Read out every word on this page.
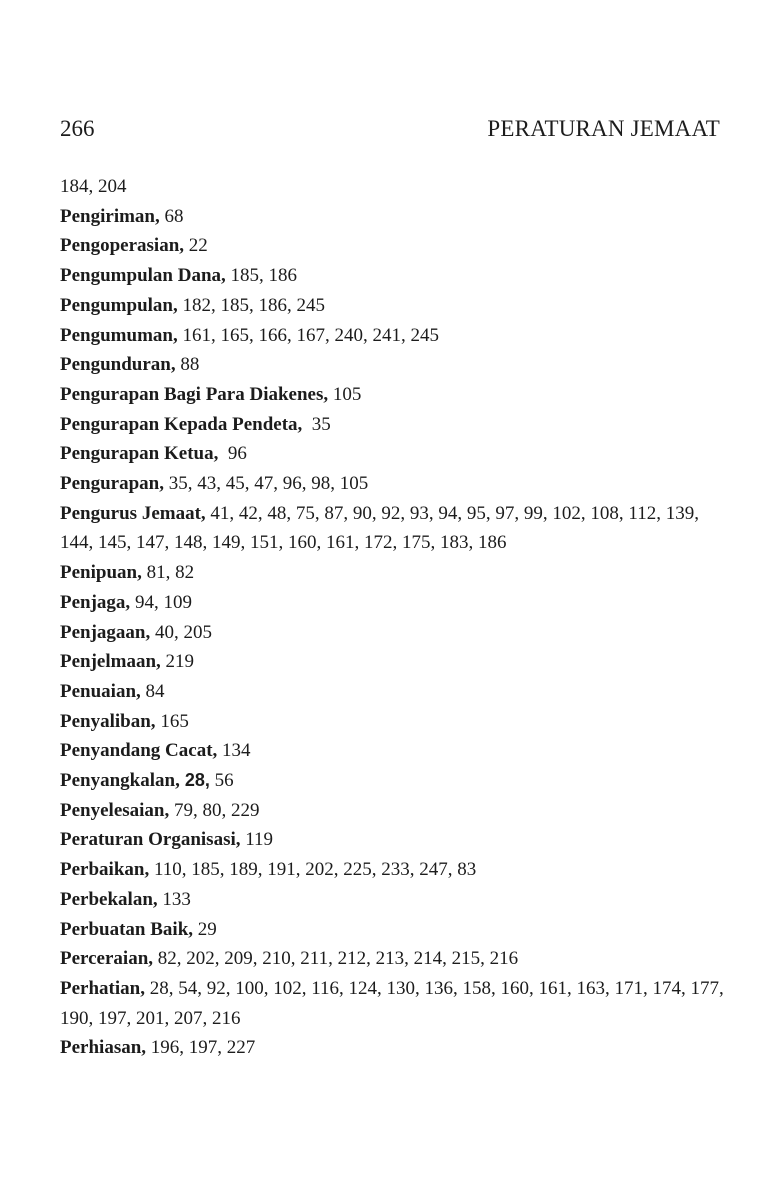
266	PERATURAN JEMAAT
184, 204
Pengiriman, 68
Pengoperasian, 22
Pengumpulan Dana, 185, 186
Pengumpulan, 182, 185, 186, 245
Pengumuman, 161, 165, 166, 167, 240, 241, 245
Pengunduran, 88
Pengurapan Bagi Para Diakenes, 105
Pengurapan Kepada Pendeta,  35
Pengurapan Ketua,  96
Pengurapan, 35, 43, 45, 47, 96, 98, 105
Pengurus Jemaat, 41, 42, 48, 75, 87, 90, 92, 93, 94, 95, 97, 99, 102, 108, 112, 139, 144, 145, 147, 148, 149, 151, 160, 161, 172, 175, 183, 186
Penipuan, 81, 82
Penjaga, 94, 109
Penjagaan, 40, 205
Penjelmaan, 219
Penuaian, 84
Penyaliban, 165
Penyandang Cacat, 134
Penyangkalan, 28, 56
Penyelesaian, 79, 80, 229
Peraturan Organisasi, 119
Perbaikan, 110, 185, 189, 191, 202, 225, 233, 247, 83
Perbekalan, 133
Perbuatan Baik, 29
Perceraian, 82, 202, 209, 210, 211, 212, 213, 214, 215, 216
Perhatian, 28, 54, 92, 100, 102, 116, 124, 130, 136, 158, 160, 161, 163, 171, 174, 177, 190, 197, 201, 207, 216
Perhiasan, 196, 197, 227
